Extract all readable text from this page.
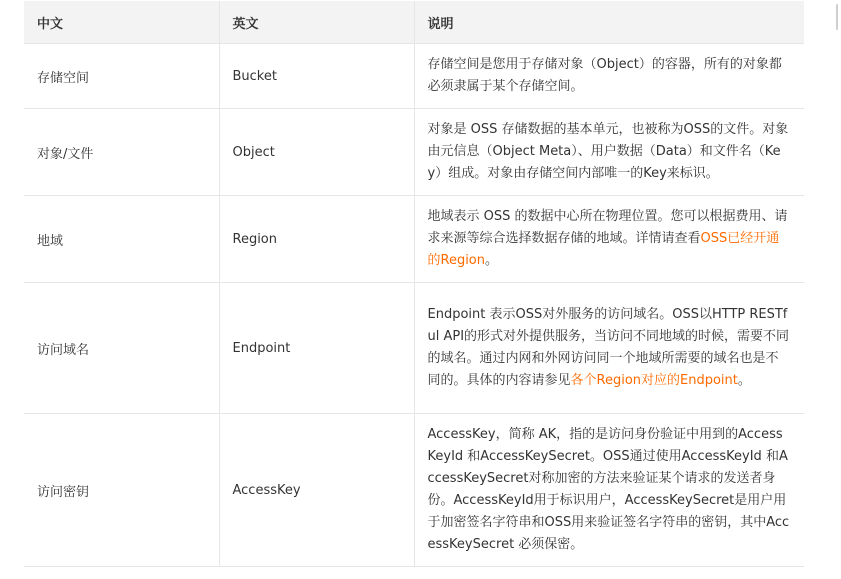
中文	英文	说明
存储空间	Bucket	存储空间是您用于存储对象（Object）的容器，所有的对象都必须隶属于某个存储空间。
对象/文件	Object	对象是 OSS 存储数据的基本单元，也被称为OSS的文件。对象由元信息（Object Meta）、用户数据（Data）和文件名（Key）组成。对象由存储空间内部唯一的Key来标识。
地域	Region	地域表示 OSS 的数据中心所在物理位置。您可以根据费用、请求来源等综合选择数据存储的地域。详情请查看OSS已经开通的Region。
访问域名	Endpoint	Endpoint 表示OSS对外服务的访问域名。OSS以HTTP RESTful API的形式对外提供服务，当访问不同地域的时候，需要不同的域名。通过内网和外网访问同一个地域所需要的域名也是不同的。具体的内容请参见各个Region对应的Endpoint。
访问密钥	AccessKey	AccessKey，简称 AK，指的是访问身份验证中用到的AccessKeyId 和AccessKeySecret。OSS通过使用AccessKeyId 和AccessKeySecret对称加密的方法来验证某个请求的发送者身份。AccessKeyId用于标识用户，AccessKeySecret是用户用于加密签名字符串和OSS用来验证签名字符串的密钥，其中AccessKeySecret 必须保密。
